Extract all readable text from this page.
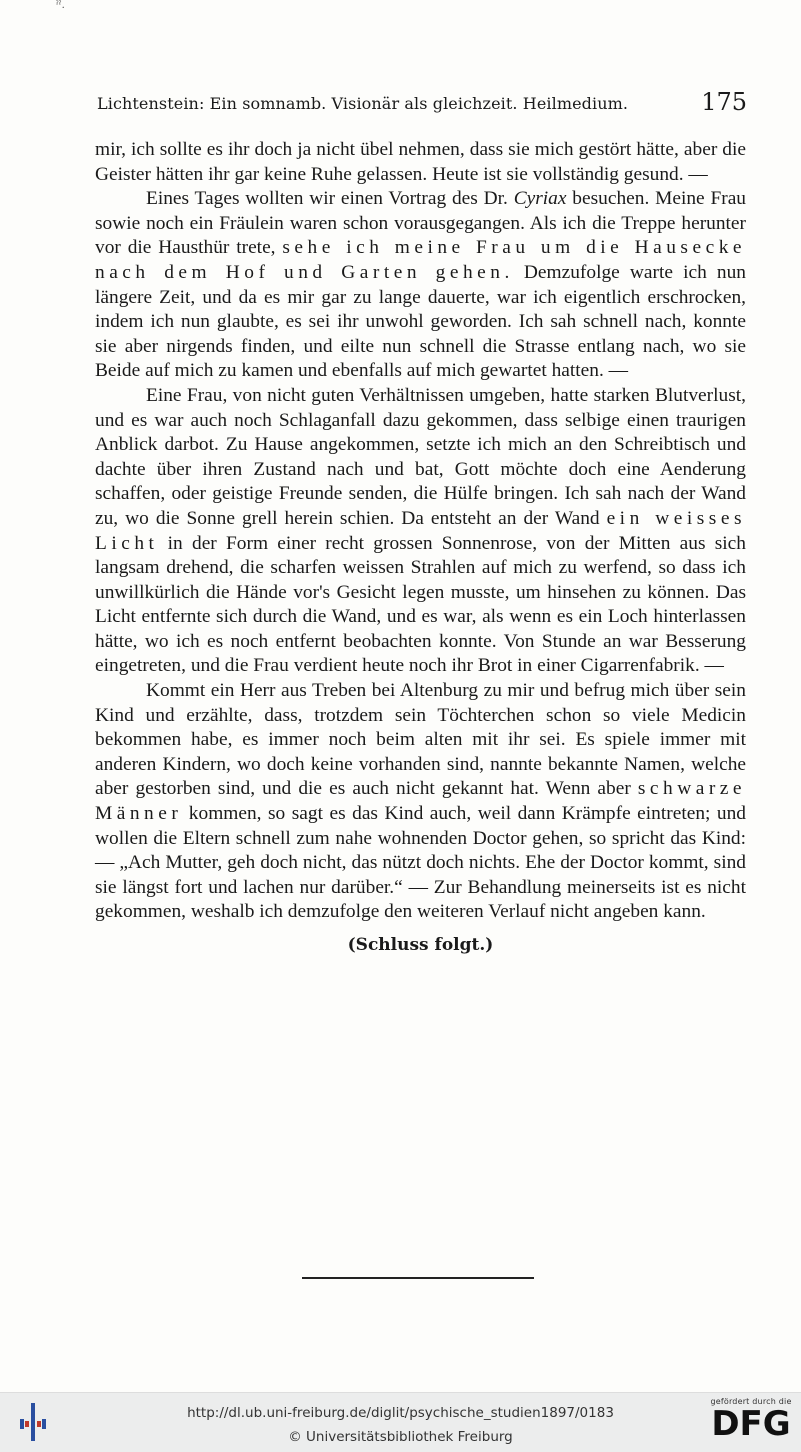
ˀˀ.
Lichtenstein: Ein somnamb. Visionär als gleichzeit. Heilmedium.	175

mir, ich sollte es ihr doch ja nicht übel nehmen, dass sie mich gestört hätte, aber die Geister hätten ihr gar keine Ruhe gelassen. Heute ist sie vollständig gesund. —

Eines Tages wollten wir einen Vortrag des Dr. Cyriax besuchen. Meine Frau sowie noch ein Fräulein waren schon vorausgegangen. Als ich die Treppe herunter vor die Hausthür trete, sehe ich meine Frau um die Hausecke nach dem Hof und Garten gehen. Demzufolge warte ich nun längere Zeit, und da es mir gar zu lange dauerte, war ich eigentlich erschrocken, indem ich nun glaubte, es sei ihr unwohl geworden. Ich sah schnell nach, konnte sie aber nirgends finden, und eilte nun schnell die Strasse entlang nach, wo sie Beide auf mich zu kamen und ebenfalls auf mich gewartet hatten. —

Eine Frau, von nicht guten Verhältnissen umgeben, hatte starken Blutverlust, und es war auch noch Schlaganfall dazu gekommen, dass selbige einen traurigen Anblick darbot. Zu Hause angekommen, setzte ich mich an den Schreibtisch und dachte über ihren Zustand nach und bat, Gott möchte doch eine Aenderung schaffen, oder geistige Freunde senden, die Hülfe bringen. Ich sah nach der Wand zu, wo die Sonne grell herein schien. Da entsteht an der Wand ein weisses Licht in der Form einer recht grossen Sonnenrose, von der Mitten aus sich langsam drehend, die scharfen weissen Strahlen auf mich zu werfend, so dass ich unwillkürlich die Hände vor's Gesicht legen musste, um hinsehen zu können. Das Licht entfernte sich durch die Wand, und es war, als wenn es ein Loch hinterlassen hätte, wo ich es noch entfernt beobachten konnte. Von Stunde an war Besserung eingetreten, und die Frau verdient heute noch ihr Brot in einer Cigarrenfabrik. —

Kommt ein Herr aus Treben bei Altenburg zu mir und befrug mich über sein Kind und erzählte, dass, trotzdem sein Töchterchen schon so viele Medicin bekommen habe, es immer noch beim alten mit ihr sei. Es spiele immer mit anderen Kindern, wo doch keine vorhanden sind, nannte bekannte Namen, welche aber gestorben sind, und die es auch nicht gekannt hat. Wenn aber schwarze Männer kommen, so sagt es das Kind auch, weil dann Krämpfe eintreten; und wollen die Eltern schnell zum nahe wohnenden Doctor gehen, so spricht das Kind: — „Ach Mutter, geh doch nicht, das nützt doch nichts. Ehe der Doctor kommt, sind sie längst fort und lachen nur darüber.“ — Zur Behandlung meinerseits ist es nicht gekommen, weshalb ich demzufolge den weiteren Verlauf nicht angeben kann.

(Schluss folgt.)
http://dl.ub.uni-freiburg.de/diglit/psychische_studien1897/0183
© Universitätsbibliothek Freiburg
gefördert durch die
DFG
